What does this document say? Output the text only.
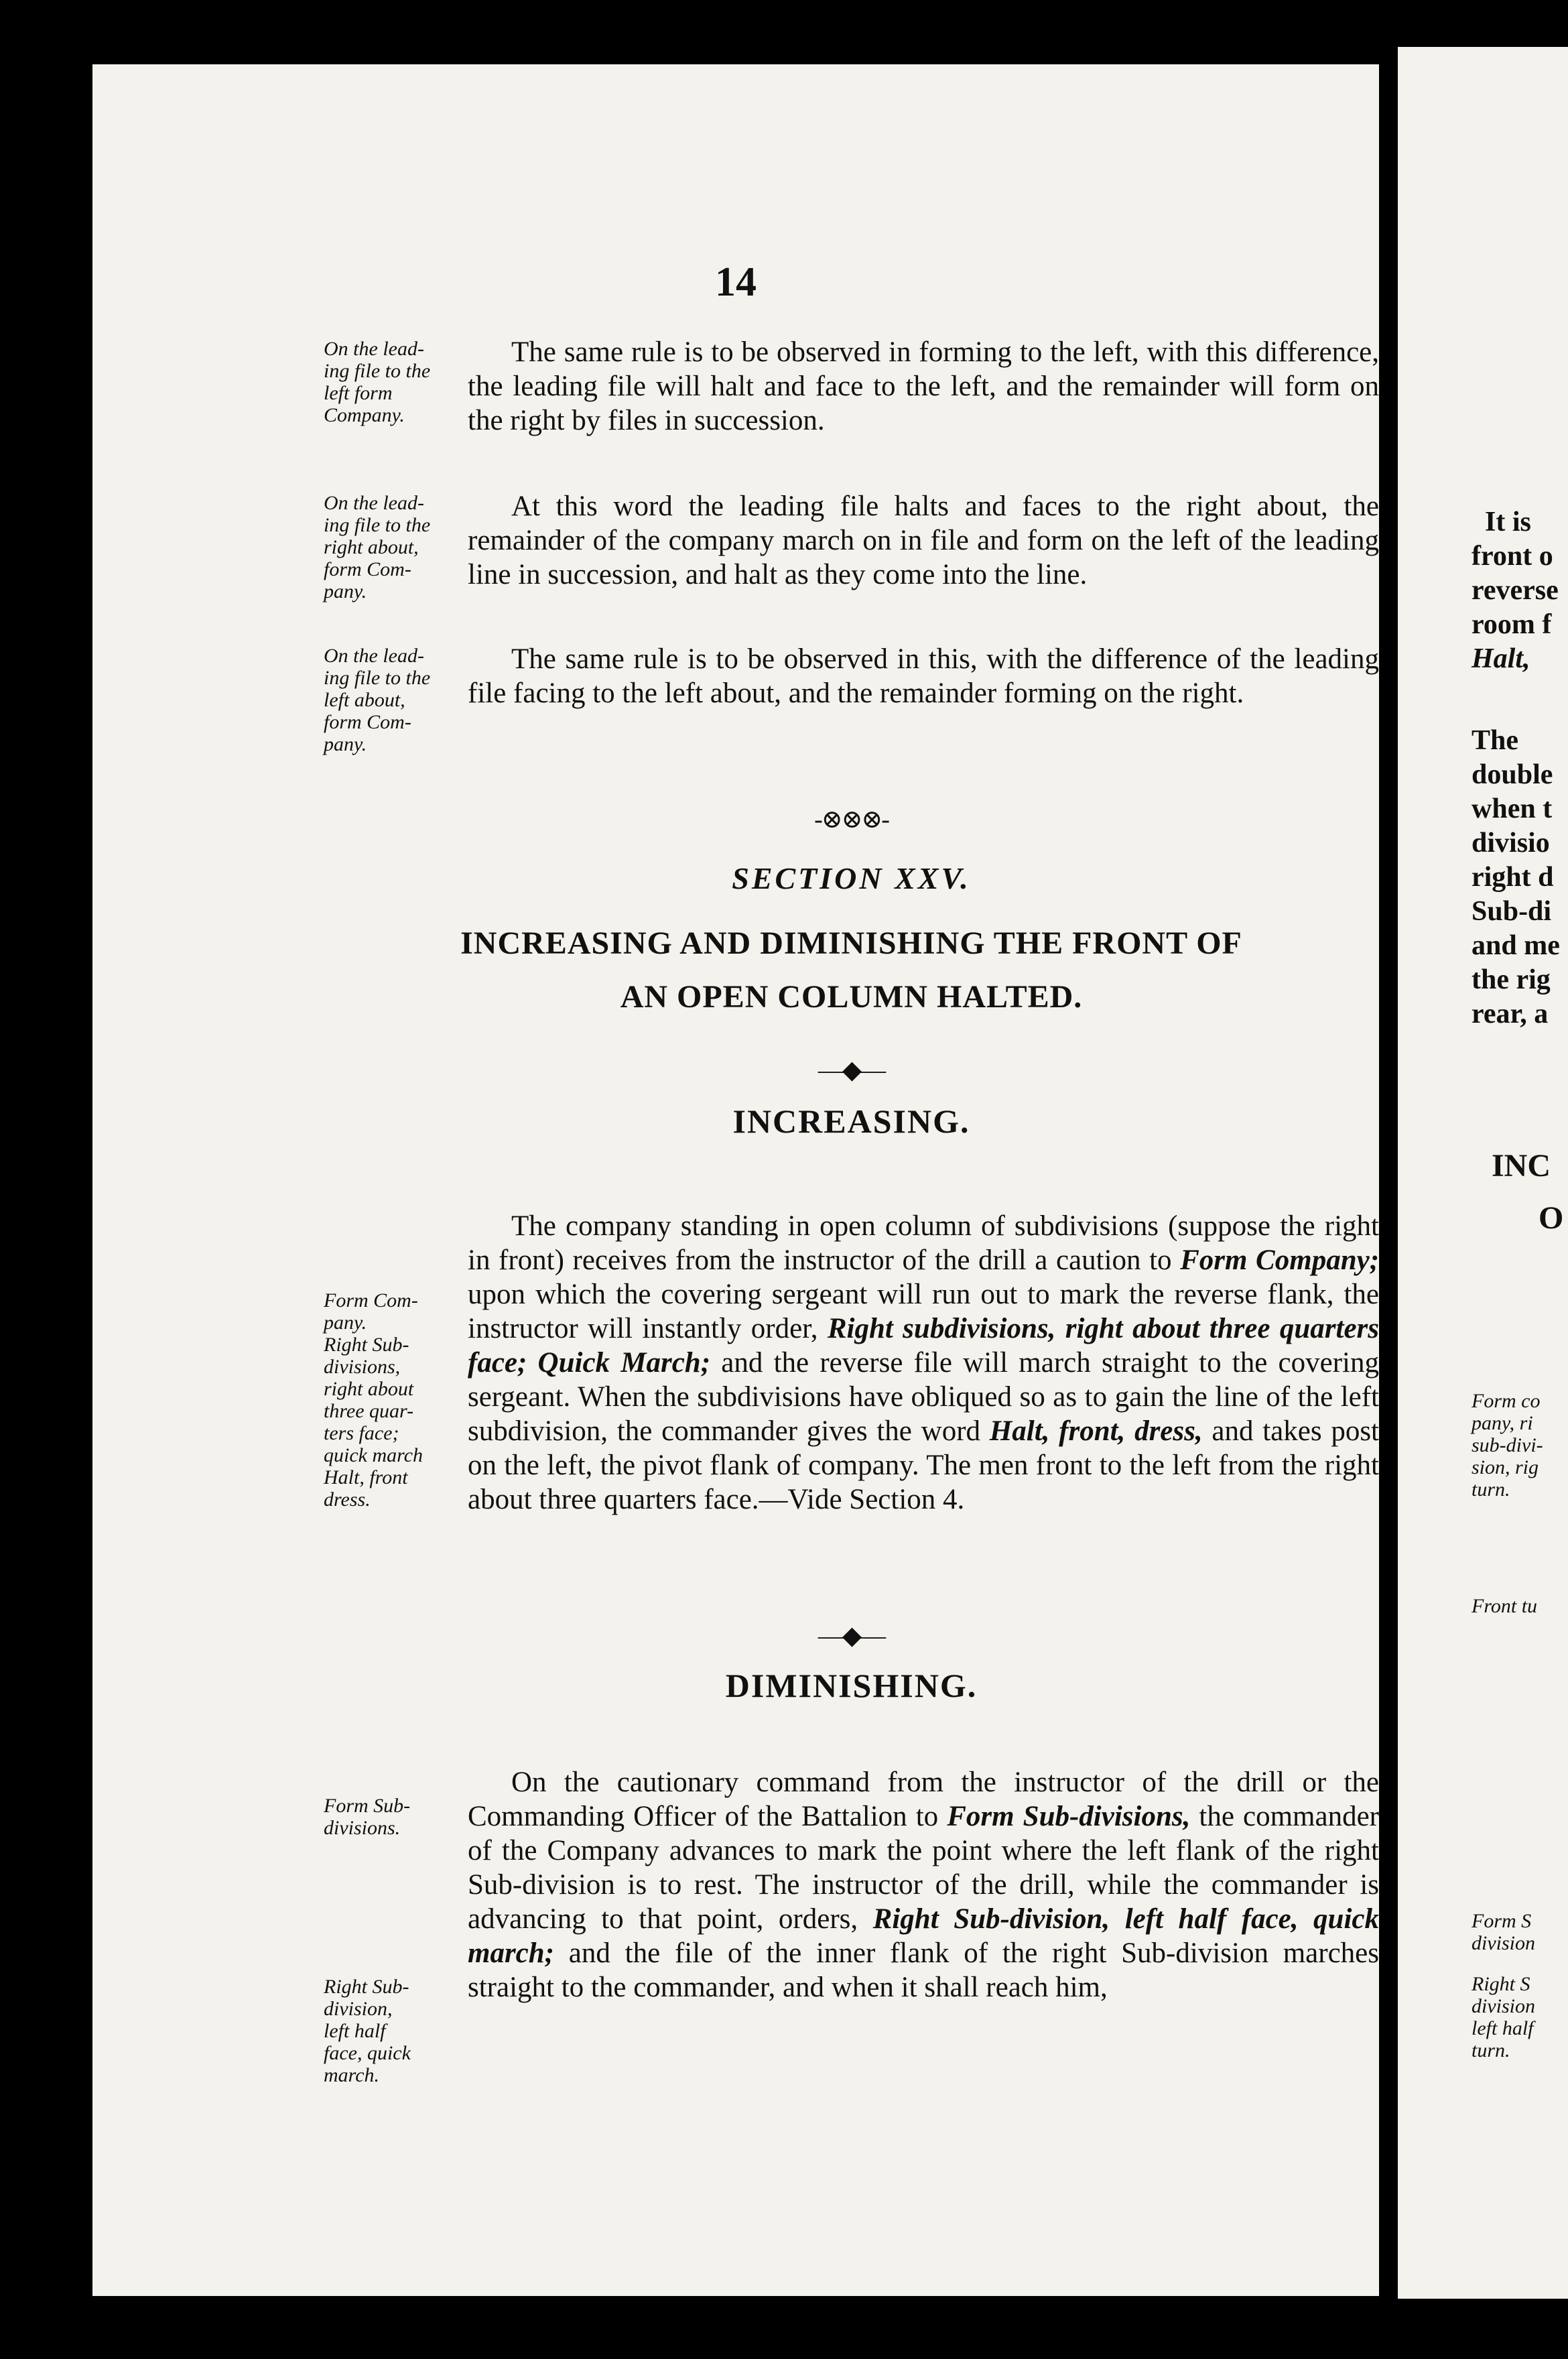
14
On the lead-
ing file to the
left form
Company.
The same rule is to be observed in forming to the left, with this difference, the leading file will halt and face to the left, and the remainder will form on the right by files in succession.
On the lead-
ing file to the
right about,
form Com-
pany.
At this word the leading file halts and faces to the right about, the remainder of the company march on in file and form on the left of the leading line in succession, and halt as they come into the line.
On the lead-
ing file to the
left about,
form Com-
pany.
The same rule is to be observed in this, with the difference of the leading file facing to the left about, and the remainder forming on the right.
-⊗⊗⊗-
SECTION XXV.
INCREASING AND DIMINISHING THE FRONT OF
AN OPEN COLUMN HALTED.
—◆—
INCREASING.
Form Com-
pany.
Right Sub-
divisions,
right about
three quar-
ters face;
quick march
Halt, front
dress.
The company standing in open column of subdivisions (suppose the right in front) receives from the instructor of the drill a caution to Form Company; upon which the covering sergeant will run out to mark the reverse flank, the instructor will instantly order, Right subdivisions, right about three quarters face; Quick March; and the reverse file will march straight to the covering sergeant. When the subdivisions have obliqued so as to gain the line of the left subdivision, the commander gives the word Halt, front, dress, and takes post on the left, the pivot flank of company. The men front to the left from the right about three quarters face.—Vide Section 4.
—◆—
DIMINISHING.
Form Sub-
divisions.
Right Sub-
division,
left half
face, quick
march.
On the cautionary command from the instructor of the drill or the Commanding Officer of the Battalion to Form Sub-divisions, the commander of the Company advances to mark the point where the left flank of the right Sub-division is to rest. The instructor of the drill, while the commander is advancing to that point, orders, Right Sub-division, left half face, quick march; and the file of the inner flank of the right Sub-division marches straight to the commander, and when it shall reach him,
It is
front o
reverse
room f
Halt,
The
double
when t
divisio
right d
Sub-di
and me
the rig
rear, a
INC
O
Form co
pany, ri
sub-divi-
sion, rig
turn.
Front tu
Form S
division
Right S
division
left half
turn.
